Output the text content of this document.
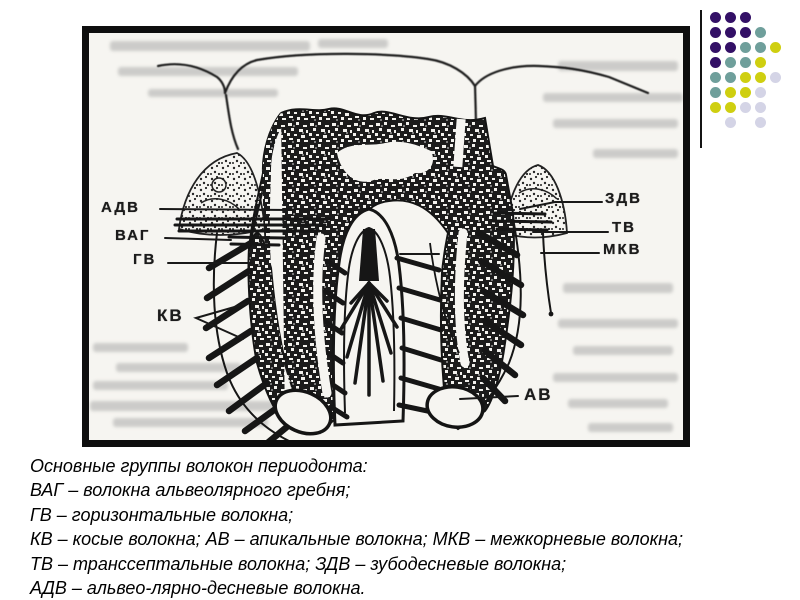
АДВ
ВАГ
ГВ
КВ
ЗДВ
ТВ
МКВ
АВ

Основные группы волокон периодонта:

ВАГ – волокна альвеолярного гребня;

ГВ – горизонтальные волокна;

КВ – косые волокна; АВ – апикальные волокна; МКВ – межкорневые волокна;

ТВ – транссептальные волокна; ЗДВ – зубодесневые волокна;

АДВ – альвео-лярно-десневые волокна.
